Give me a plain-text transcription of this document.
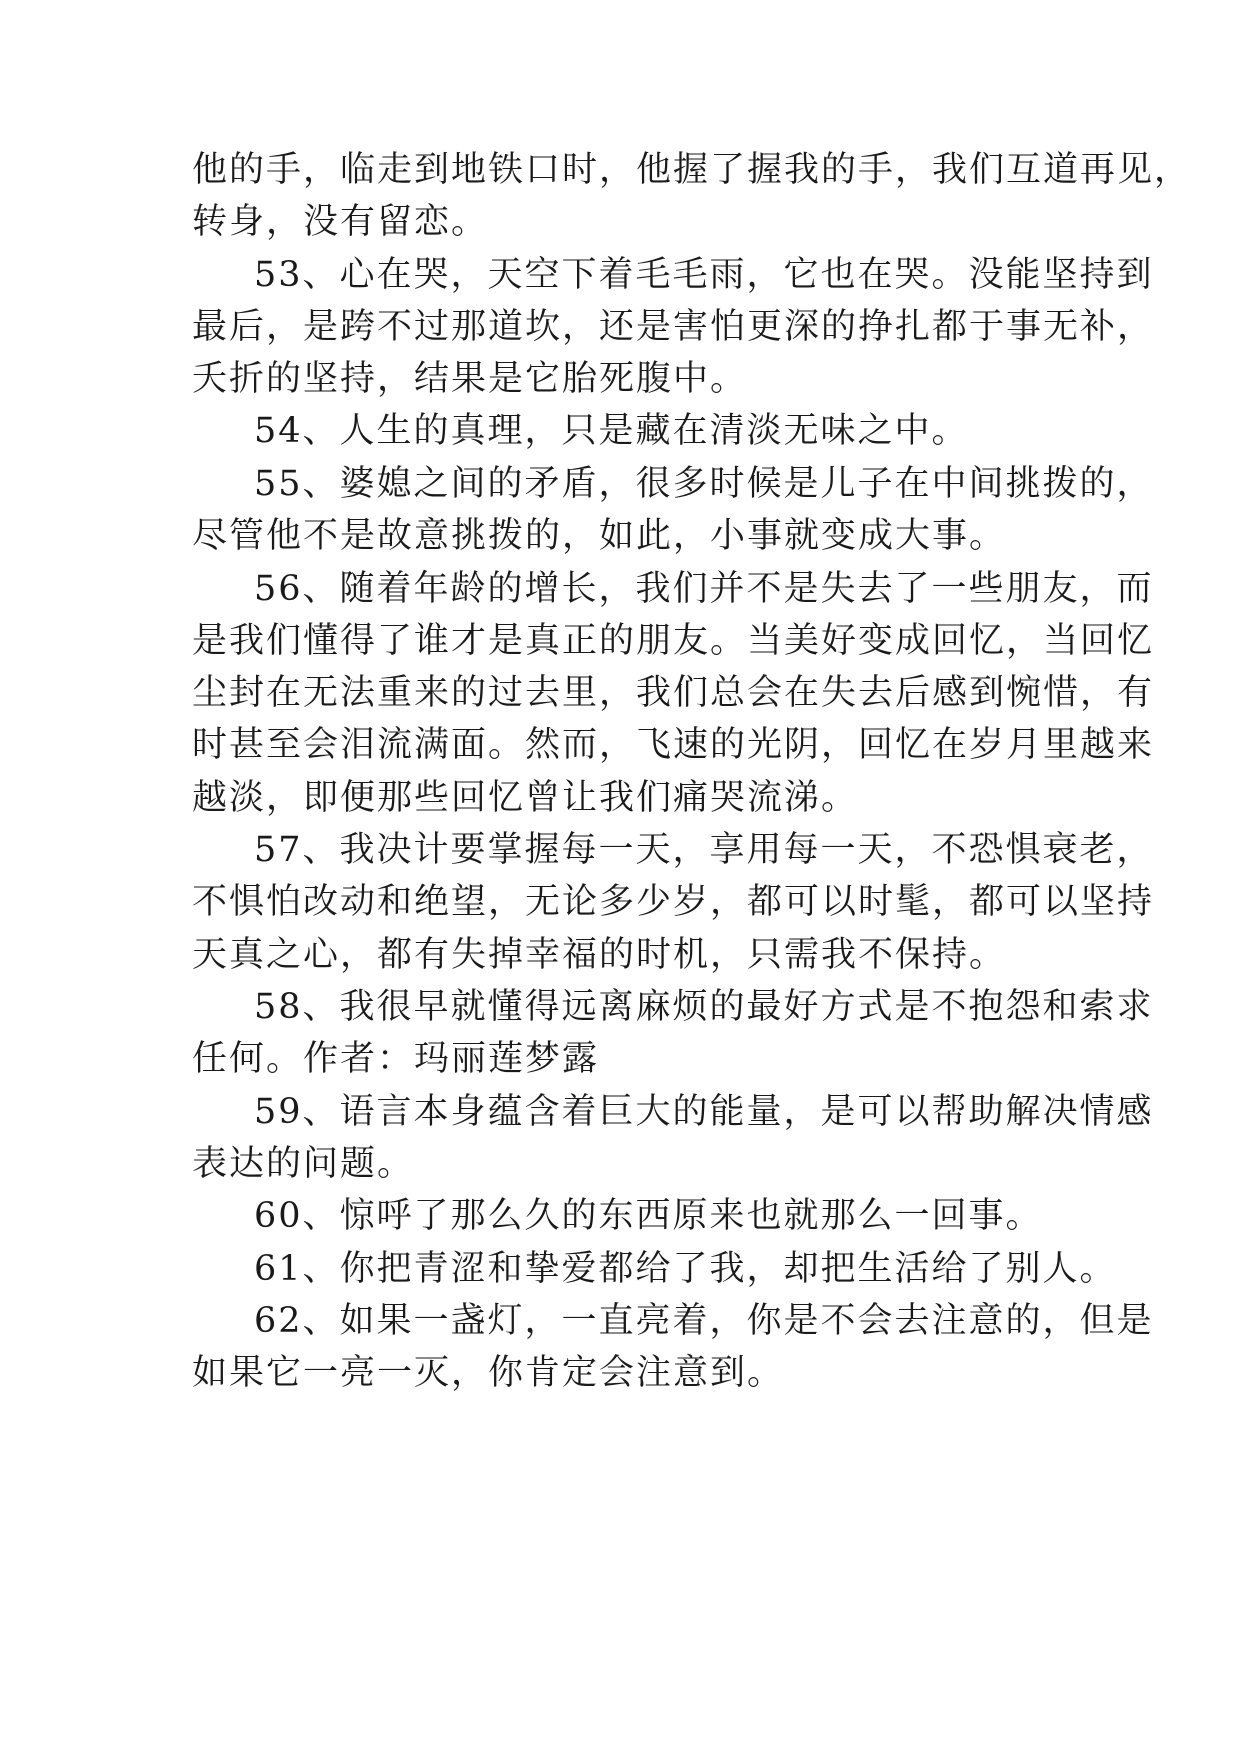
他的手，临走到地铁口时，他握了握我的手，我们互道再见，
转身，没有留恋。
53、心在哭，天空下着毛毛雨，它也在哭。没能坚持到
最后，是跨不过那道坎，还是害怕更深的挣扎都于事无补，
夭折的坚持，结果是它胎死腹中。
54、人生的真理，只是藏在清淡无味之中。
55、婆媳之间的矛盾，很多时候是儿子在中间挑拨的，
尽管他不是故意挑拨的，如此，小事就变成大事。
56、随着年龄的增长，我们并不是失去了一些朋友，而
是我们懂得了谁才是真正的朋友。当美好变成回忆，当回忆
尘封在无法重来的过去里，我们总会在失去后感到惋惜，有
时甚至会泪流满面。然而，飞速的光阴，回忆在岁月里越来
越淡，即便那些回忆曾让我们痛哭流涕。
57、我决计要掌握每一天，享用每一天，不恐惧衰老，
不惧怕改动和绝望，无论多少岁，都可以时髦，都可以坚持
天真之心，都有失掉幸福的时机，只需我不保持。
58、我很早就懂得远离麻烦的最好方式是不抱怨和索求
任何。作者：玛丽莲梦露
59、语言本身蕴含着巨大的能量，是可以帮助解决情感
表达的问题。
60、惊呼了那么久的东西原来也就那么一回事。
61、你把青涩和挚爱都给了我，却把生活给了别人。
62、如果一盏灯，一直亮着，你是不会去注意的，但是
如果它一亮一灭，你肯定会注意到。
